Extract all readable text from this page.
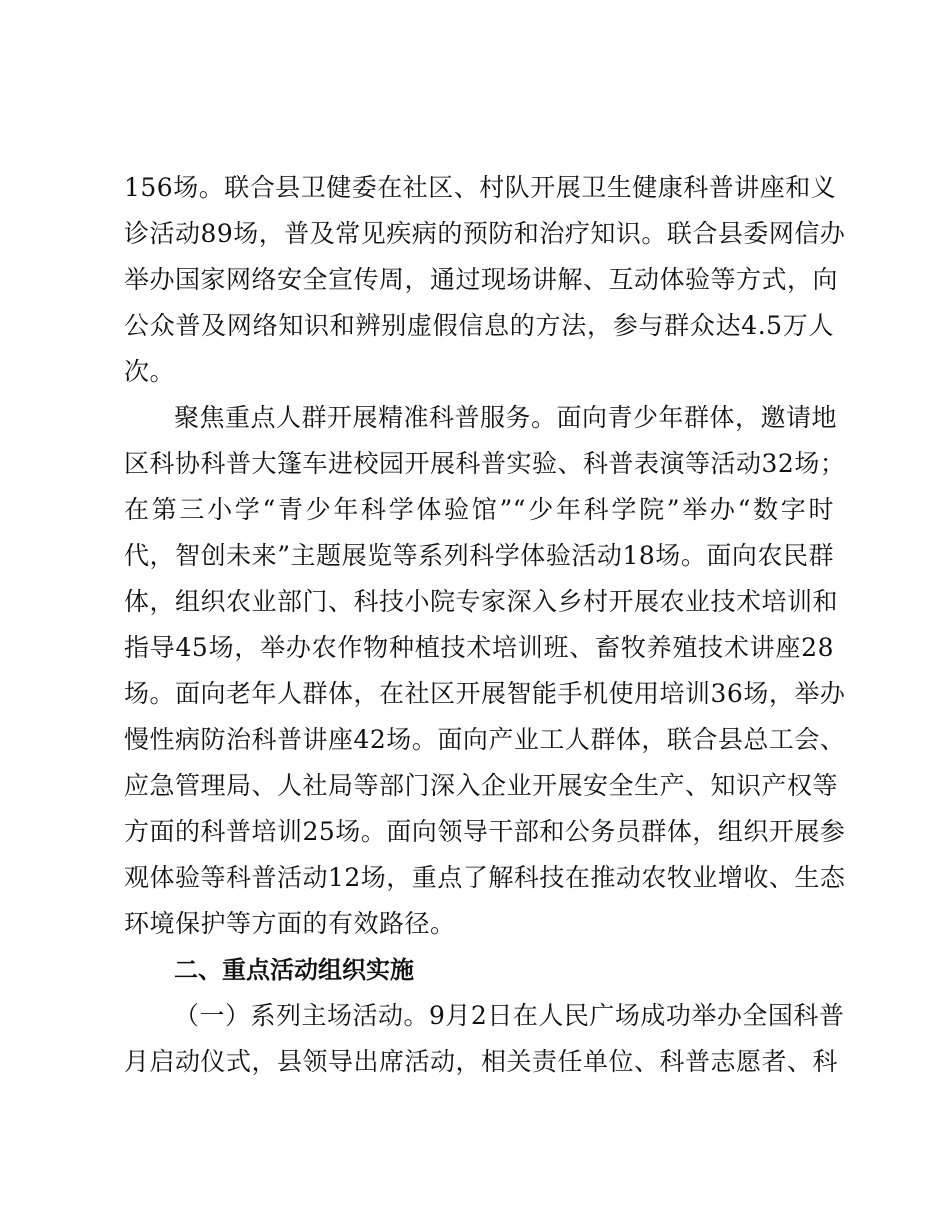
156场。联合县卫健委在社区、村队开展卫生健康科普讲座和义
诊活动89场，普及常见疾病的预防和治疗知识。联合县委网信办
举办国家网络安全宣传周，通过现场讲解、互动体验等方式，向
公众普及网络知识和辨别虚假信息的方法，参与群众达4.5万人
次。
聚焦重点人群开展精准科普服务。面向青少年群体，邀请地
区科协科普大篷车进校园开展科普实验、科普表演等活动32场；
在第三小学“青少年科学体验馆”“少年科学院”举办“数字时
代，智创未来”主题展览等系列科学体验活动18场。面向农民群
体，组织农业部门、科技小院专家深入乡村开展农业技术培训和
指导45场，举办农作物种植技术培训班、畜牧养殖技术讲座28
场。面向老年人群体，在社区开展智能手机使用培训36场，举办
慢性病防治科普讲座42场。面向产业工人群体，联合县总工会、
应急管理局、人社局等部门深入企业开展安全生产、知识产权等
方面的科普培训25场。面向领导干部和公务员群体，组织开展参
观体验等科普活动12场，重点了解科技在推动农牧业增收、生态
环境保护等方面的有效路径。
二、重点活动组织实施
（一）系列主场活动。9月2日在人民广场成功举办全国科普
月启动仪式，县领导出席活动，相关责任单位、科普志愿者、科
